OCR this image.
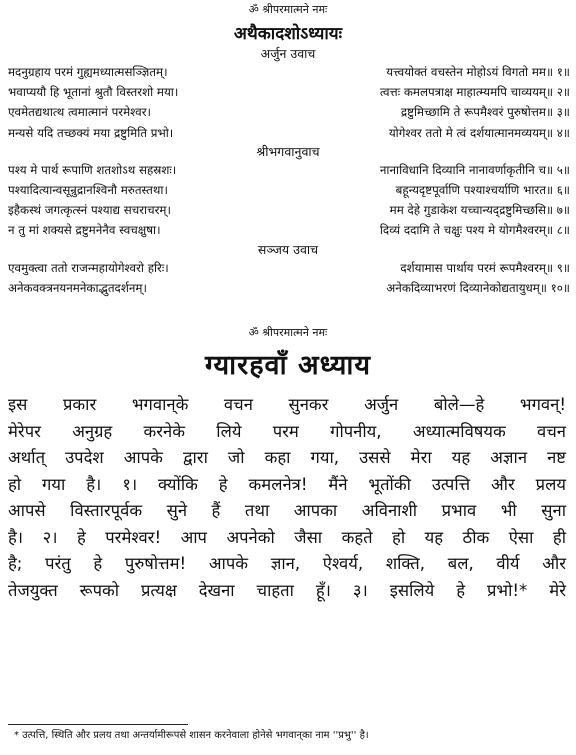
ॐ श्रीपरमात्मने नमः
अथैकादशोऽध्यायः
अर्जुन उवाच
मदनुग्रहाय परमं गुह्यमध्यात्मसञ्ज्ञितम्।	यत्त्वयोक्तं वचस्तेन मोहोऽयं विगतो मम॥ १॥
भवाप्ययौ हि भूतानां श्रुतौ विस्तरशो मया।	त्वत्तः कमलपत्राक्ष माहात्म्यमपि चाव्ययम्॥ २॥
एवमेतद्यथात्थ त्वमात्मानं परमेश्वर।	द्रष्टुमिच्छामि ते रूपमैश्वरं पुरुषोत्तम॥ ३॥
मन्यसे यदि तच्छक्यं मया द्रष्टुमिति प्रभो।	योगेश्वर ततो मे त्वं दर्शयात्मानमव्ययम्॥ ४॥
श्रीभगवानुवाच
पश्य मे पार्थ रूपाणि शतशोऽथ सहस्रशः।	नानाविधानि दिव्यानि नानावर्णाकृतीनि च॥ ५॥
पश्यादित्यान्वसून्रुद्रानश्विनौ मरुतस्तथा।	बहून्यदृष्टपूर्वाणि पश्याश्चर्याणि भारत॥ ६॥
इहैकस्थं जगत्कृत्स्नं पश्याद्य सचराचरम्।	मम देहे गुडाकेश यच्चान्यद्द्रष्टुमिच्छसि॥ ७॥
न तु मां शक्यसे द्रष्टुमनेनैव स्वचक्षुषा।	दिव्यं ददामि ते चक्षुः पश्य मे योगमैश्वरम्॥ ८॥
सञ्जय उवाच
एवमुक्त्वा ततो राजन्महायोगेश्वरो हरिः।	दर्शयामास पार्थाय परमं रूपमैश्वरम्॥ ९॥
अनेकवक्त्रनयनमनेकाद्भुतदर्शनम्।	अनेकदिव्याभरणं दिव्यानेकोद्यतायुधम्॥ १०॥
ॐ श्रीपरमात्मने नमः
ग्यारहवाँ अध्याय
इस प्रकार भगवान्‌के वचन सुनकर अर्जुन बोले—हे भगवन्!
मेरेपर अनुग्रह करनेके लिये परम गोपनीय, अध्यात्मविषयक वचन
अर्थात् उपदेश आपके द्वारा जो कहा गया, उससे मेरा यह अज्ञान नष्ट
हो गया है। १। क्योंकि हे कमलनेत्र! मैंने भूतोंकी उत्पत्ति और प्रलय
आपसे विस्तारपूर्वक सुने हैं तथा आपका अविनाशी प्रभाव भी सुना
है। २। हे परमेश्वर! आप अपनेको जैसा कहते हो यह ठीक ऐसा ही
है; परंतु हे पुरुषोत्तम! आपके ज्ञान, ऐश्वर्य, शक्ति, बल, वीर्य और
तेजयुक्त रूपको प्रत्यक्ष देखना चाहता हूँ। ३। इसलिये हे प्रभो!* मेरे
* उत्पत्ति, स्थिति और प्रलय तथा अन्तर्यामीरूपसे शासन करनेवाला होनेसे भगवान्‌का नाम ''प्रभु'' है।
